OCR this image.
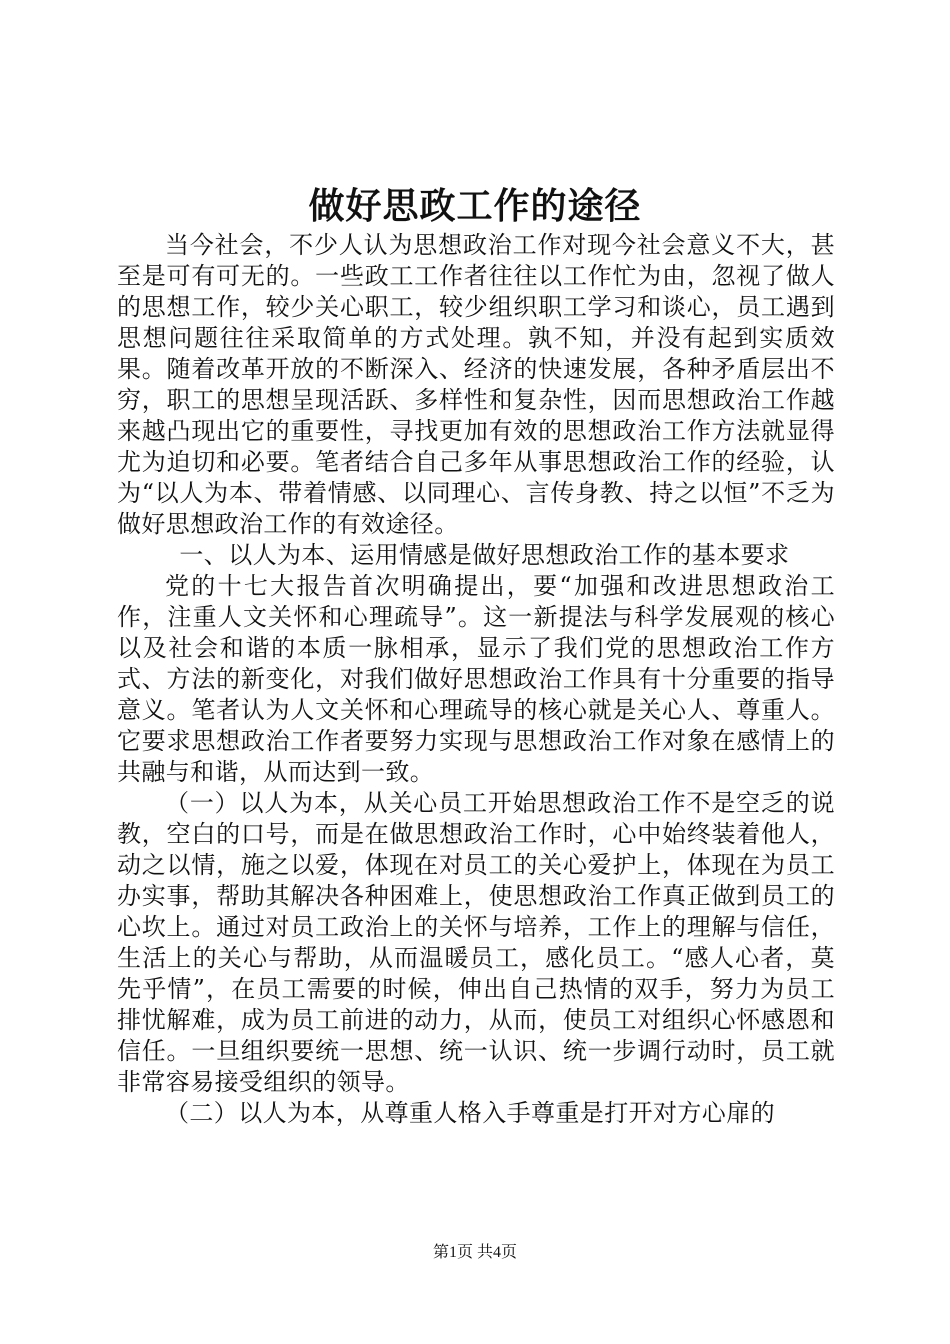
做好思政工作的途径

当今社会，不少人认为思想政治工作对现今社会意义不大，甚至是可有可无的。一些政工工作者往往以工作忙为由，忽视了做人的思想工作，较少关心职工，较少组织职工学习和谈心，员工遇到思想问题往往采取简单的方式处理。孰不知，并没有起到实质效果。随着改革开放的不断深入、经济的快速发展，各种矛盾层出不穷，职工的思想呈现活跃、多样性和复杂性，因而思想政治工作越来越凸现出它的重要性，寻找更加有效的思想政治工作方法就显得尤为迫切和必要。笔者结合自己多年从事思想政治工作的经验，认为“以人为本、带着情感、以同理心、言传身教、持之以恒”不乏为做好思想政治工作的有效途径。

一、以人为本、运用情感是做好思想政治工作的基本要求

党的十七大报告首次明确提出，要“加强和改进思想政治工作，注重人文关怀和心理疏导”。这一新提法与科学发展观的核心以及社会和谐的本质一脉相承，显示了我们党的思想政治工作方式、方法的新变化，对我们做好思想政治工作具有十分重要的指导意义。笔者认为人文关怀和心理疏导的核心就是关心人、尊重人。它要求思想政治工作者要努力实现与思想政治工作对象在感情上的共融与和谐，从而达到一致。

（一）以人为本，从关心员工开始思想政治工作不是空乏的说教，空白的口号，而是在做思想政治工作时，心中始终装着他人，动之以情，施之以爱，体现在对员工的关心爱护上，体现在为员工办实事，帮助其解决各种困难上，使思想政治工作真正做到员工的心坎上。通过对员工政治上的关怀与培养，工作上的理解与信任，生活上的关心与帮助，从而温暖员工，感化员工。“感人心者，莫先乎情”，在员工需要的时候，伸出自己热情的双手，努力为员工排忧解难，成为员工前进的动力，从而，使员工对组织心怀感恩和信任。一旦组织要统一思想、统一认识、统一步调行动时，员工就非常容易接受组织的领导。

（二）以人为本，从尊重人格入手尊重是打开对方心扉的

第1页 共4页
